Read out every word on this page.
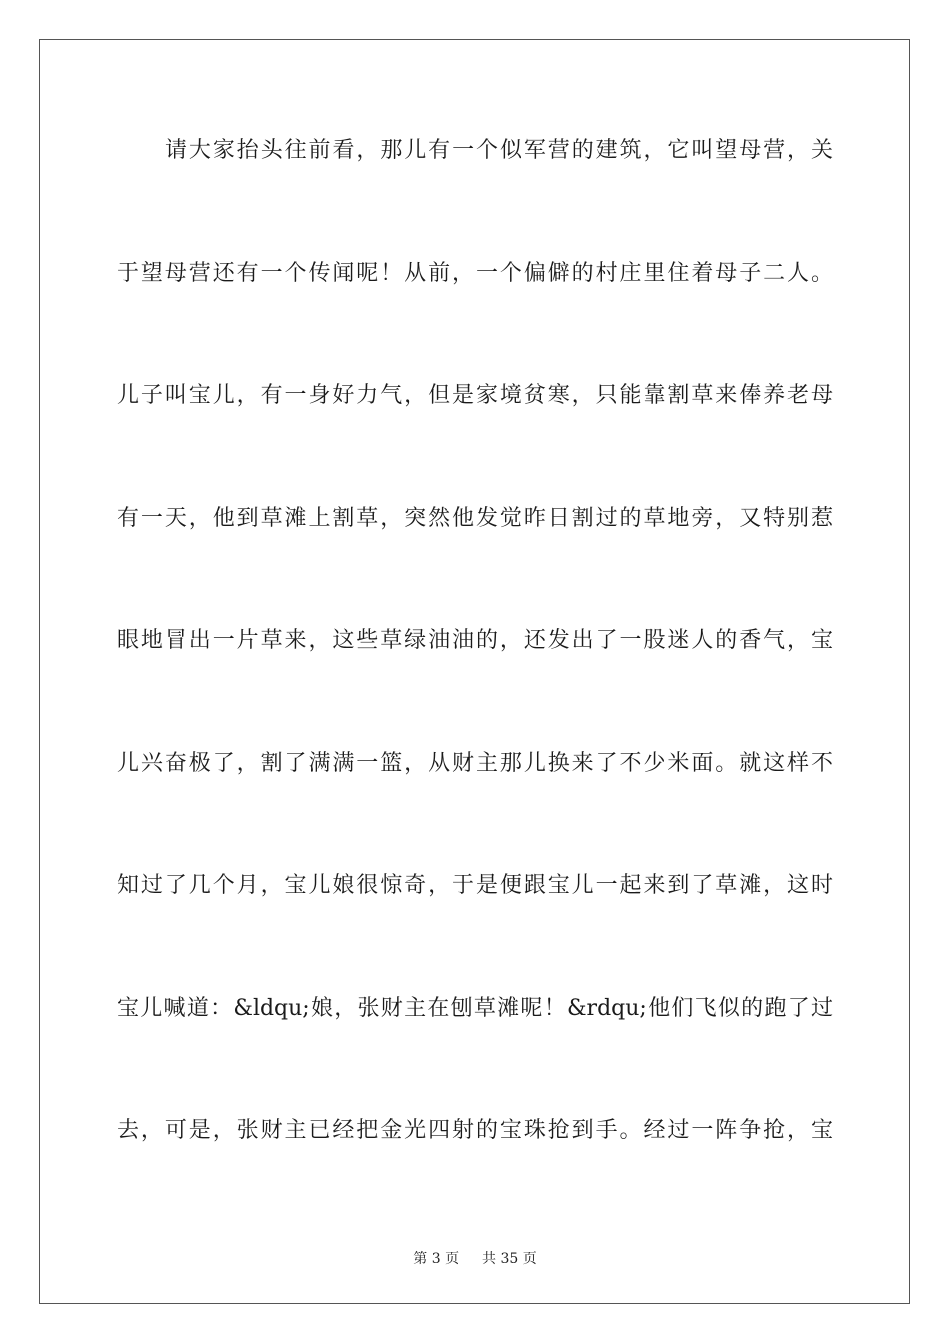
请大家抬头往前看，那儿有一个似军营的建筑，它叫望母营，关
于望母营还有一个传闻呢！从前，一个偏僻的村庄里住着母子二人。
儿子叫宝儿，有一身好力气，但是家境贫寒，只能靠割草来俸养老母
有一天，他到草滩上割草，突然他发觉昨日割过的草地旁，又特别惹
眼地冒出一片草来，这些草绿油油的，还发出了一股迷人的香气，宝
儿兴奋极了，割了满满一篮，从财主那儿换来了不少米面。就这样不
知过了几个月，宝儿娘很惊奇，于是便跟宝儿一起来到了草滩，这时
宝儿喊道：&ldqu;娘，张财主在刨草滩呢！&rdqu;他们飞似的跑了过
去，可是，张财主已经把金光四射的宝珠抢到手。经过一阵争抢，宝
第 3 页 共 35 页
